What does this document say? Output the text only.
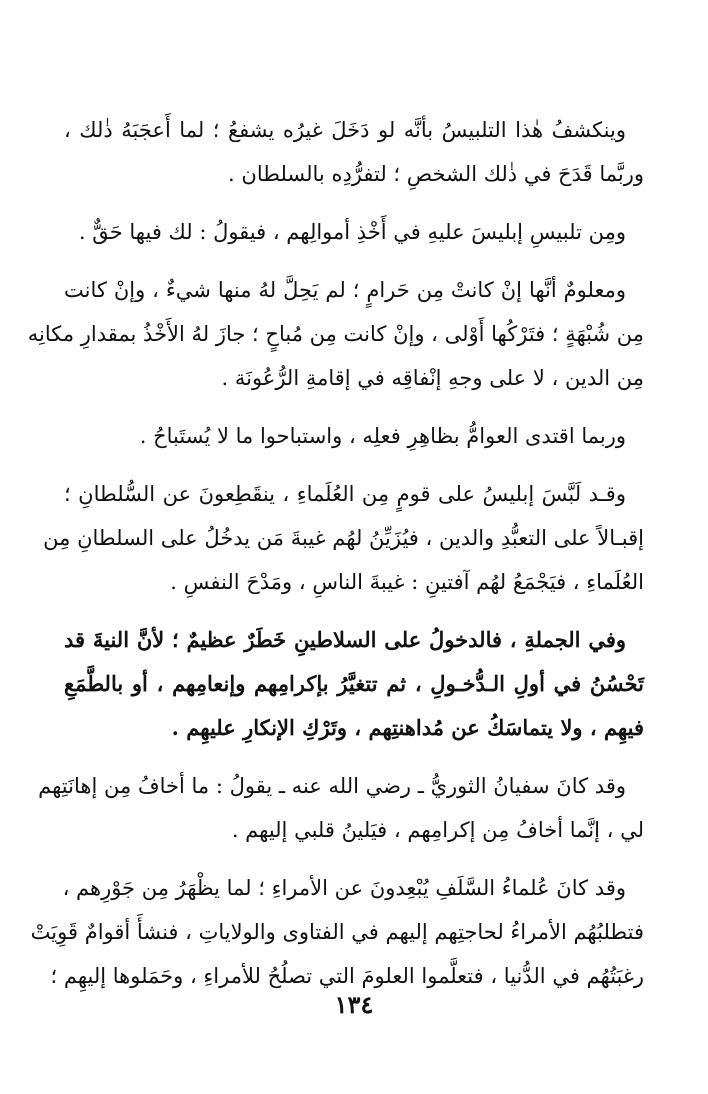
وينكشفُ هٰذا التلبيسُ بأنَّه لو دَخَلَ غيرُه يشفعُ ؛ لما أَعجَبَهُ ذٰلك ،
وربَّما قَدَحَ في ذٰلك الشخصِ ؛ لتفرُّدِه بالسلطان .
ومِن تلبيسِ إبليسَ عليهِ في أَخْذِ أموالِهم ، فيقولُ : لك فيها حَقٌّ .
ومعلومٌ أنَّها إنْ كانتْ مِن حَرامٍ ؛ لم يَحِلَّ لهُ منها شيءٌ ، وإنْ كانت
مِن شُبْهَةٍ ؛ فتَرْكُها أَوْلى ، وإنْ كانت مِن مُباحٍ ؛ جازَ لهُ الأَخْذُ بمقدارِ مكانِه
مِن الدين ، لا على وجهِ إنْفاقِه في إقامةِ الرُّعُونَة .
وربما اقتدى العوامُّ بظاهِرِ فعلِه ، واستباحوا ما لا يُستَباحُ .
وقـد لَبَّسَ إبليسُ على قومٍ مِن العُلَماءِ ، ينقَطِعونَ عن السُّلطانِ ؛
إقبـالاً على التعبُّدِ والدين ، فيُزَيِّنُ لهُم غيبةَ مَن يدخُلُ على السلطانِ مِن
العُلَماءِ ، فيَجْمَعُ لهُم آفتينِ : غيبةَ الناسِ ، ومَدْحَ النفسِ .
وفي الجملةِ ، فالدخولُ على السلاطينِ خَطَرٌ عظيمٌ ؛ لأنَّ النيةَ قد
تَحْسُنُ في أولِ الـدُّخـولِ ، ثم تتغيَّرُ بإكرامِهم وإنعامِهم ، أو بالطَّمَعِ
فيهِم ، ولا يتماسَكُ عن مُداهنتِهم ، وتَرْكِ الإنكارِ عليهِم .
وقد كانَ سفيانُ الثوريُّ ـ رضي الله عنه ـ يقولُ : ما أخافُ مِن إهانَتِهم
لي ، إنَّما أخافُ مِن إكرامِهم ، فيَلينُ قلبي إليهم .
وقد كانَ عُلماءُ السَّلَفِ يُبْعِدونَ عن الأمراءِ ؛ لما يظْهَرُ مِن جَوْرِهم ،
فتطلبُهُم الأمراءُ لحاجتِهم إليهم في الفتاوى والولاياتِ ، فنشأَ أقوامٌ قَوِيَتْ
رغبَتُهُم في الدُّنيا ، فتعلَّموا العلومَ التي تصلُحُ للأمراءِ ، وحَمَلوها إليهِم ؛
١٣٤
